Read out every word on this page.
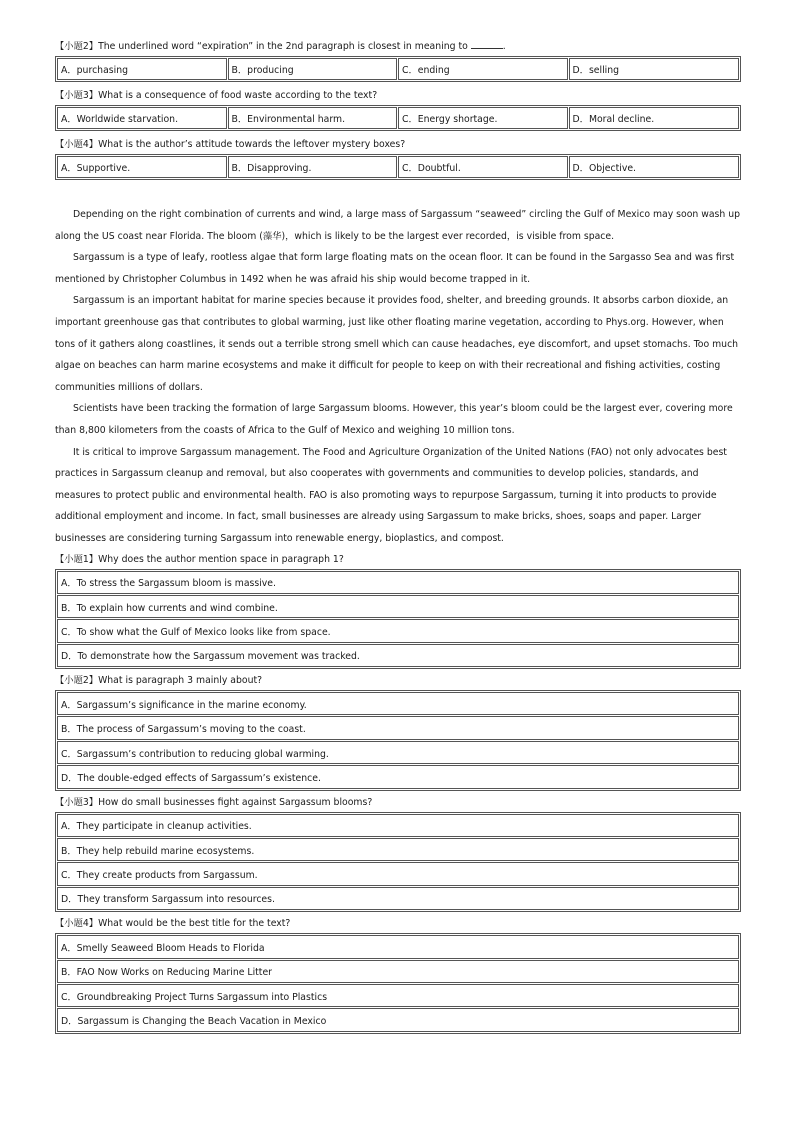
【小题2】The underlined word “expiration” in the 2nd paragraph is closest in meaning to	.

A．purchasing	B．producing	C．ending	D．selling

【小题3】What is a consequence of food waste according to the text?

A．Worldwide starvation.	B．Environmental harm.	C．Energy shortage.	D．Moral decline.

【小题4】What is the author’s attitude towards the leftover mystery boxes?

A．Supportive.	B．Disapproving.	C．Doubtful.	D．Objective.

Depending on the right combination of currents and wind, a large mass of Sargassum “seaweed” circling the Gulf of Mexico may soon wash up along the US coast near Florida. The bloom (藻华)，which is likely to be the largest ever recorded，is visible from space.

Sargassum is a type of leafy, rootless algae that form large floating mats on the ocean floor. It can be found in the Sargasso Sea and was first mentioned by Christopher Columbus in 1492 when he was afraid his ship would become trapped in it.

Sargassum is an important habitat for marine species because it provides food, shelter, and breeding grounds. It absorbs carbon dioxide, an important greenhouse gas that contributes to global warming, just like other floating marine vegetation, according to Phys.org. However, when tons of it gathers along coastlines, it sends out a terrible strong smell which can cause headaches, eye discomfort, and upset stomachs. Too much algae on beaches can harm marine ecosystems and make it difficult for people to keep on with their recreational and fishing activities, costing communities millions of dollars.

Scientists have been tracking the formation of large Sargassum blooms. However, this year’s bloom could be the largest ever, covering more than 8,800 kilometers from the coasts of Africa to the Gulf of Mexico and weighing 10 million tons.

It is critical to improve Sargassum management. The Food and Agriculture Organization of the United Nations (FAO) not only advocates best practices in Sargassum cleanup and removal, but also cooperates with governments and communities to develop policies, standards, and measures to protect public and environmental health. FAO is also promoting ways to repurpose Sargassum, turning it into products to provide additional employment and income. In fact, small businesses are already using Sargassum to make bricks, shoes, soaps and paper. Larger businesses are considering turning Sargassum into renewable energy, bioplastics, and compost.

【小题1】Why does the author mention space in paragraph 1?

A．To stress the Sargassum bloom is massive.
B．To explain how currents and wind combine.
C．To show what the Gulf of Mexico looks like from space.
D．To demonstrate how the Sargassum movement was tracked.

【小题2】What is paragraph 3 mainly about?

A．Sargassum’s significance in the marine economy.
B．The process of Sargassum’s moving to the coast.
C．Sargassum’s contribution to reducing global warming.
D．The double-edged effects of Sargassum’s existence.

【小题3】How do small businesses fight against Sargassum blooms?

A．They participate in cleanup activities.
B．They help rebuild marine ecosystems.
C．They create products from Sargassum.
D．They transform Sargassum into resources.

【小题4】What would be the best title for the text?

A．Smelly Seaweed Bloom Heads to Florida
B．FAO Now Works on Reducing Marine Litter
C．Groundbreaking Project Turns Sargassum into Plastics
D．Sargassum is Changing the Beach Vacation in Mexico
